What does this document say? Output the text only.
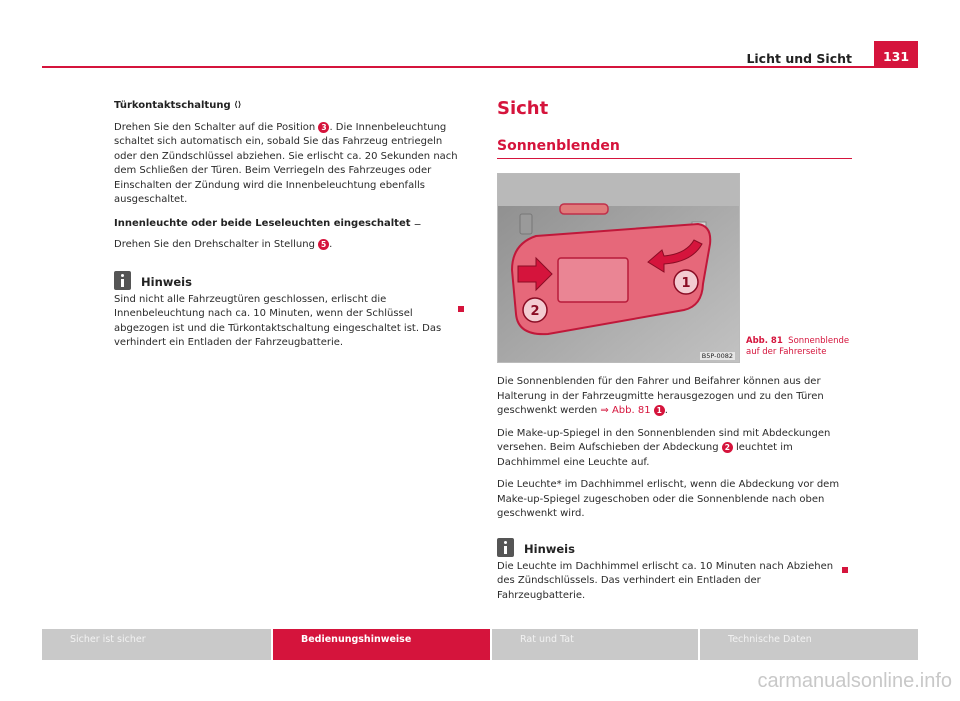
Licht und Sicht	131

Türkontaktschaltung ⟨⟩

Drehen Sie den Schalter auf die Position 3 . Die Innenbeleuchtung schaltet sich automatisch ein, sobald Sie das Fahrzeug entriegeln oder den Zündschlüssel abziehen. Sie erlischt ca. 20 Sekunden nach dem Schließen der Türen. Beim Verriegeln des Fahrzeuges oder Einschalten der Zündung wird die Innenbeleuchtung ebenfalls ausgeschaltet.

Innenleuchte oder beide Leseleuchten eingeschaltet ⚊

Drehen Sie den Drehschalter in Stellung 5 .

Hinweis

Sind nicht alle Fahrzeugtüren geschlossen, erlischt die Innenbeleuchtung nach ca. 10 Minuten, wenn der Schlüssel abgezogen ist und die Türkontaktschaltung eingeschaltet ist. Das verhindert ein Entladen der Fahrzeugbatterie.

Sicht

Sonnenblenden

1
2
B5P-0082
Abb. 81 Sonnenblende auf der Fahrerseite

Die Sonnenblenden für den Fahrer und Beifahrer können aus der Halterung in der Fahrzeugmitte herausgezogen und zu den Türen geschwenkt werden ⇒ Abb. 81 1 .

Die Make-up-Spiegel in den Sonnenblenden sind mit Abdeckungen versehen. Beim Aufschieben der Abdeckung 2 leuchtet im Dachhimmel eine Leuchte auf.

Die Leuchte* im Dachhimmel erlischt, wenn die Abdeckung vor dem Make-up-Spiegel zugeschoben oder die Sonnenblende nach oben geschwenkt wird.

Hinweis

Die Leuchte im Dachhimmel erlischt ca. 10 Minuten nach Abziehen des Zündschlüssels. Das verhindert ein Entladen der Fahrzeugbatterie.

Sicher ist sicher	Bedienungshinweise	Rat und Tat	Technische Daten
carmanualsonline.info
